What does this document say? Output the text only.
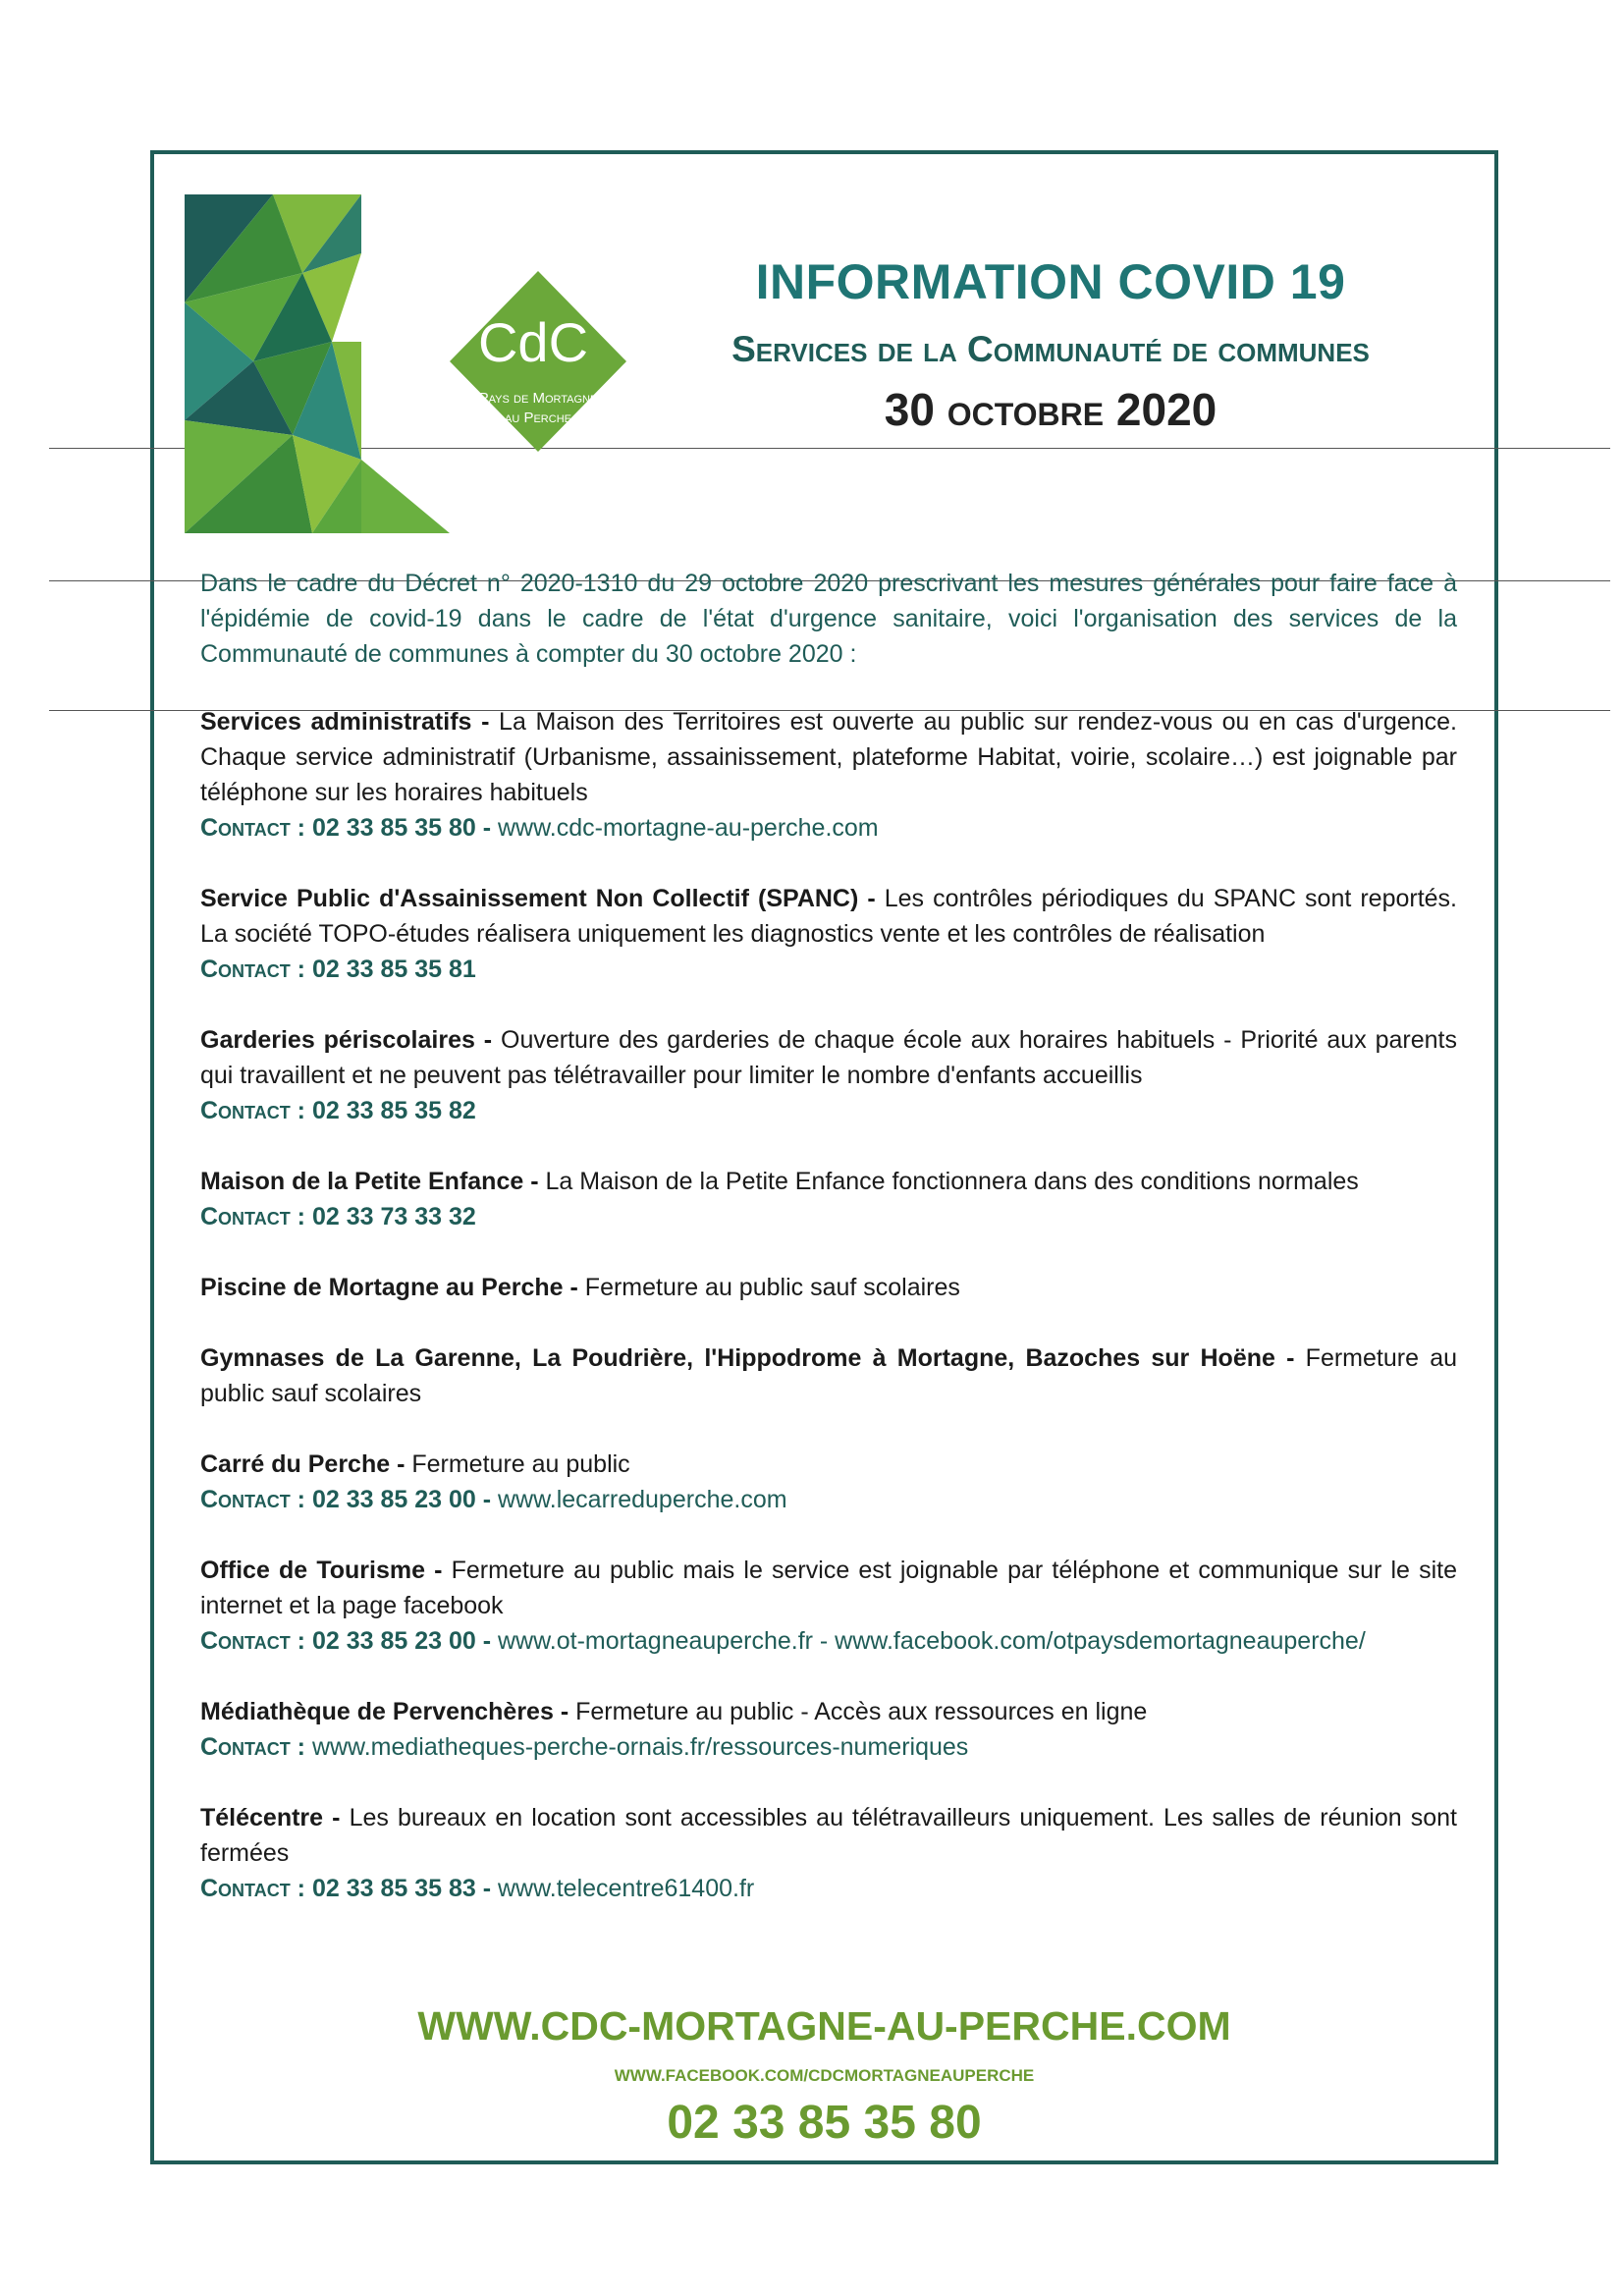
CdC
Pays de Mortagne
au Perche
INFORMATION COVID 19
Services de la Communauté de communes
30 octobre 2020
Dans le cadre du Décret n° 2020-1310 du 29 octobre 2020 prescrivant les mesures générales pour faire face à l'épidémie de covid-19 dans le cadre de l'état d'urgence sanitaire, voici l'organisation des services de la Communauté de communes à compter du 30 octobre 2020 :
Services administratifs - La Maison des Territoires est ouverte au public sur rendez-vous ou en cas d'urgence. Chaque service administratif (Urbanisme, assainissement, plateforme Habitat, voirie, scolaire…) est joignable par téléphone sur les horaires habituels
Contact : 02 33 85 35 80 - www.cdc-mortagne-au-perche.com
Service Public d'Assainissement Non Collectif (SPANC) - Les contrôles périodiques du SPANC sont reportés. La société TOPO-études réalisera uniquement les diagnostics vente et les contrôles de réalisation
Contact : 02 33 85 35 81
Garderies périscolaires - Ouverture des garderies de chaque école aux horaires habituels - Priorité aux parents qui travaillent et ne peuvent pas télétravailler pour limiter le nombre d'enfants accueillis
Contact : 02 33 85 35 82
Maison de la Petite Enfance - La Maison de la Petite Enfance fonctionnera dans des conditions normales
Contact : 02 33 73 33 32
Piscine de Mortagne au Perche - Fermeture au public sauf scolaires
Gymnases de La Garenne, La Poudrière, l'Hippodrome à Mortagne, Bazoches sur Hoëne - Fermeture au public sauf scolaires
Carré du Perche - Fermeture au public
Contact : 02 33 85 23 00 - www.lecarreduperche.com
Office de Tourisme - Fermeture au public mais le service est joignable par téléphone et communique sur le site internet et la page facebook
Contact : 02 33 85 23 00 - www.ot-mortagneauperche.fr - www.facebook.com/otpaysdemortagneauperche/
Médiathèque de Pervenchères - Fermeture au public - Accès aux ressources en ligne
Contact : www.mediatheques-perche-ornais.fr/ressources-numeriques
Télécentre - Les bureaux en location sont accessibles au télétravailleurs uniquement. Les salles de réunion sont fermées
Contact : 02 33 85 35 83 - www.telecentre61400.fr
WWW.CDC-MORTAGNE-AU-PERCHE.COM
WWW.FACEBOOK.COM/CDCMORTAGNEAUPERCHE
02 33 85 35 80
